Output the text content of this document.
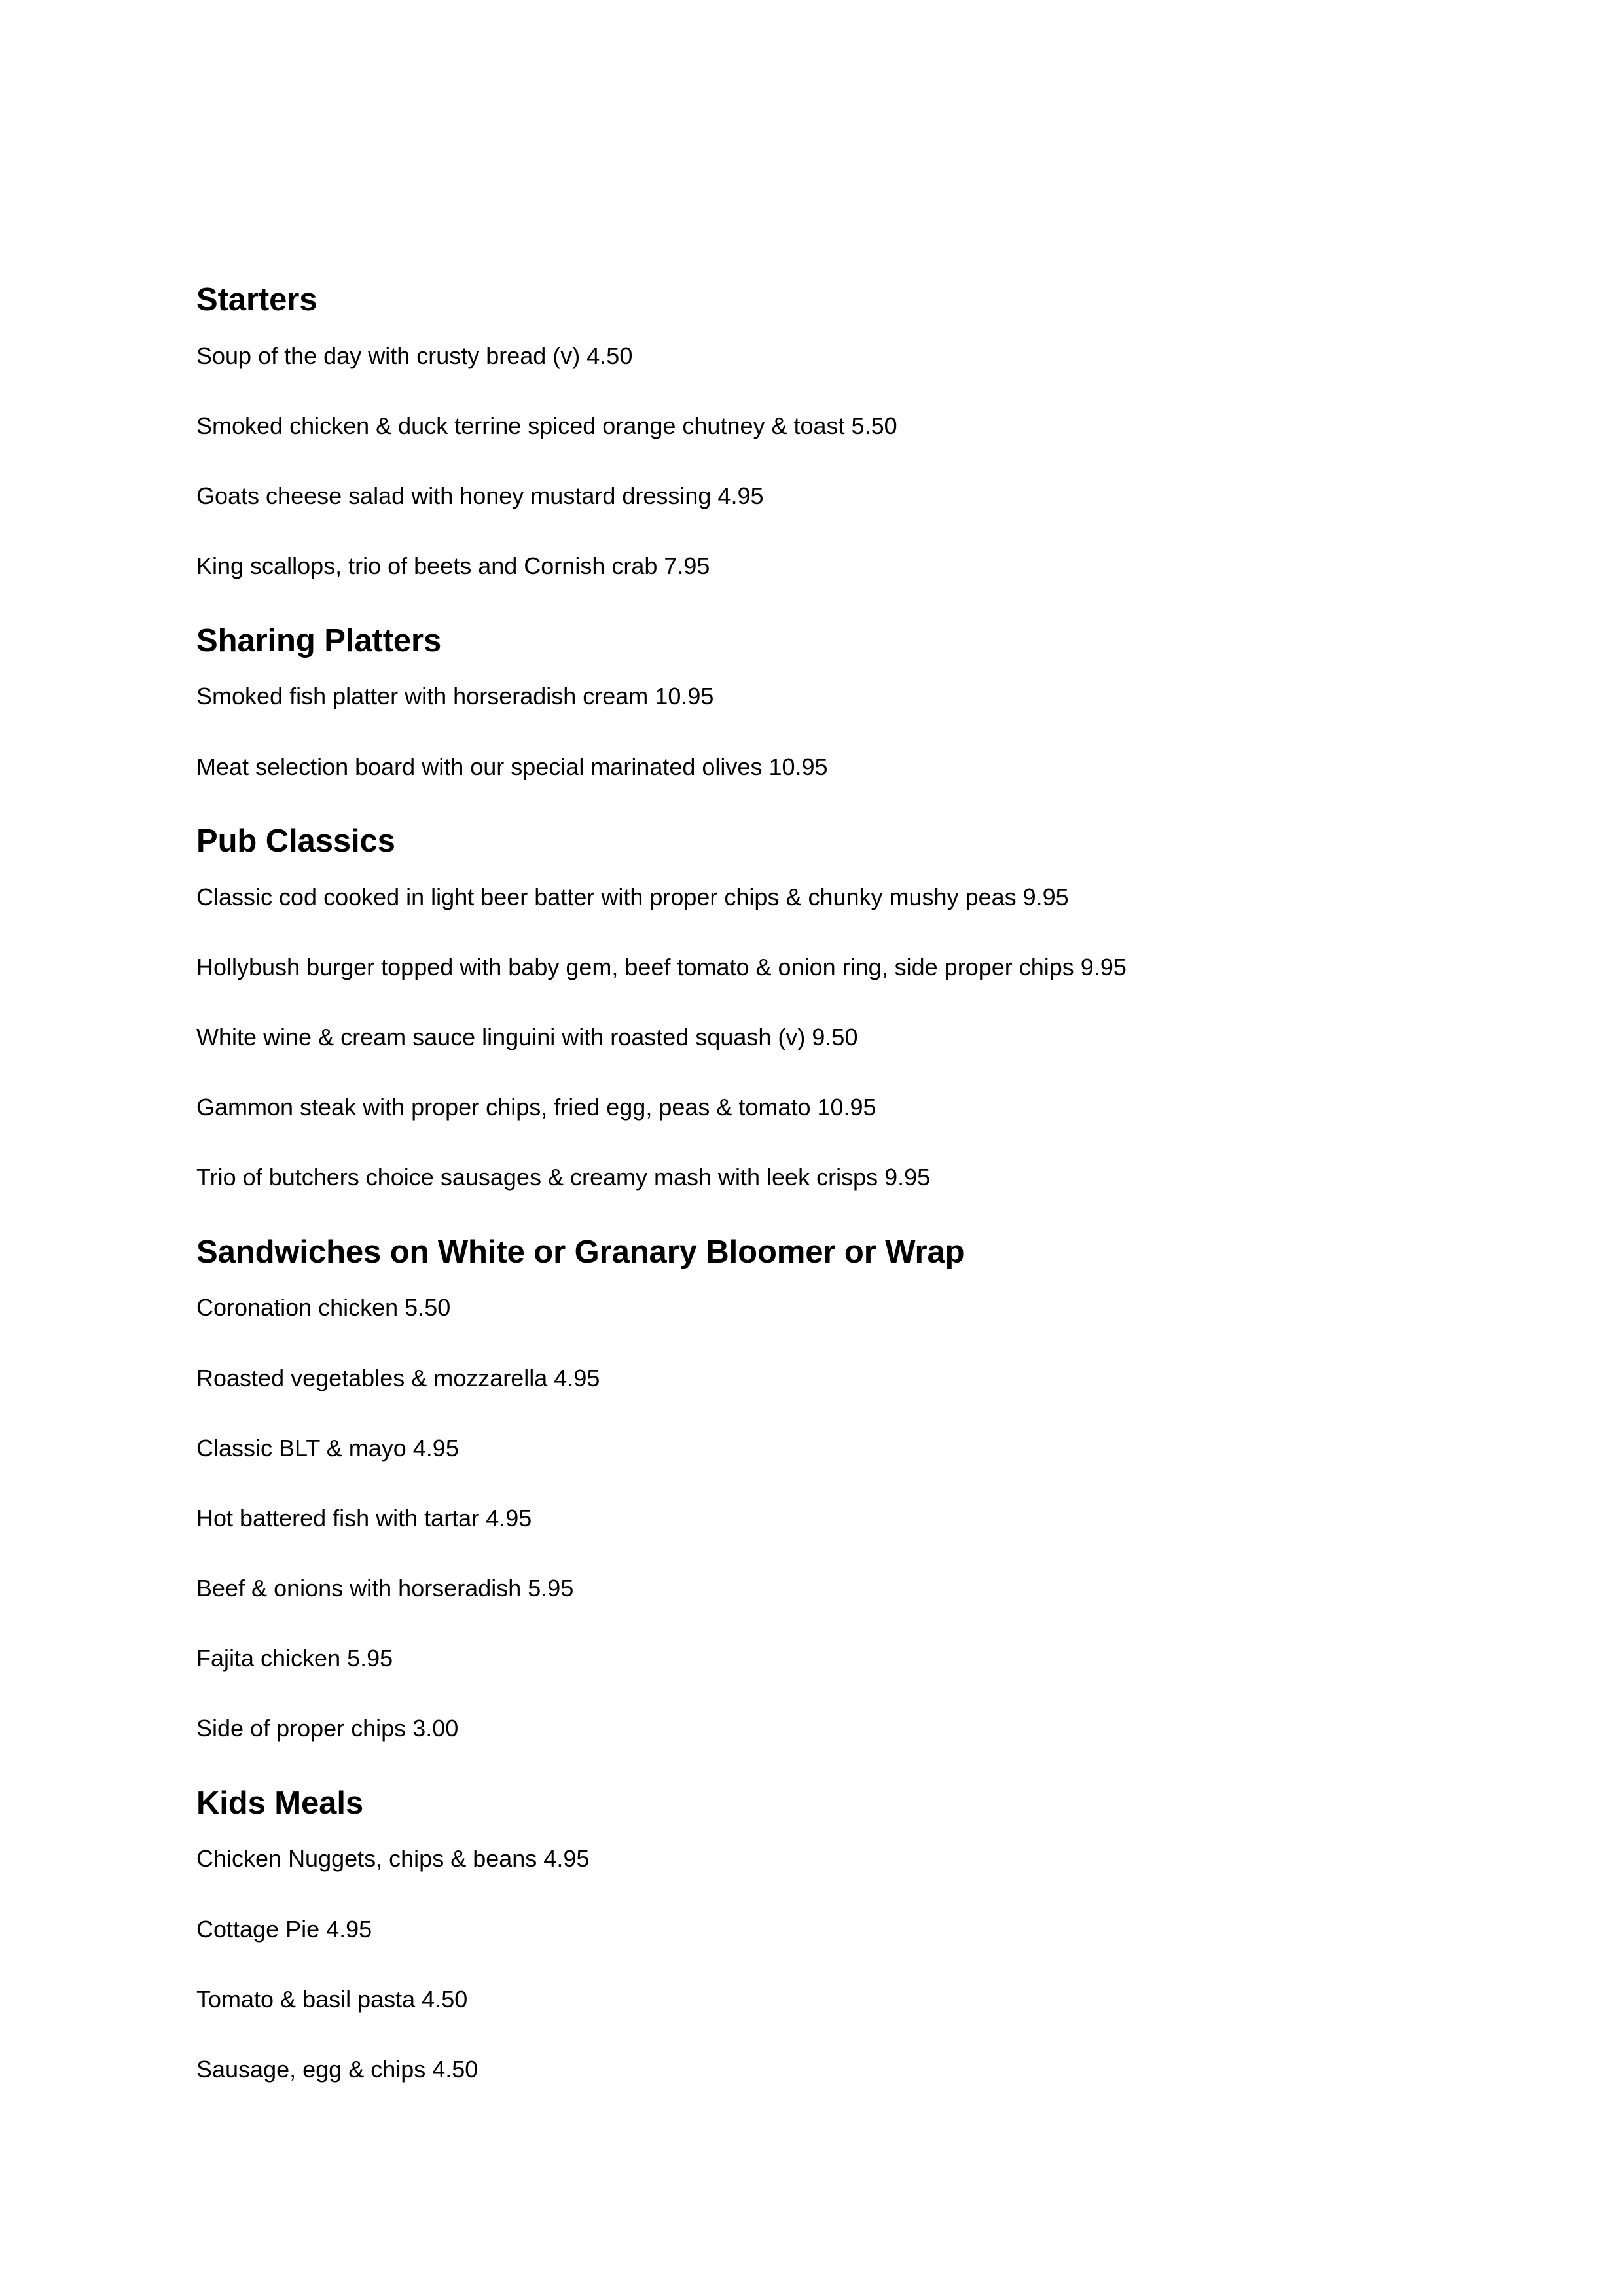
Starters
Soup of the day with crusty bread (v) 4.50
Smoked chicken & duck terrine spiced orange chutney & toast 5.50
Goats cheese salad with honey mustard dressing 4.95
King scallops, trio of beets and Cornish crab 7.95
Sharing Platters
Smoked fish platter with horseradish cream 10.95
Meat selection board with our special marinated olives 10.95
Pub Classics
Classic cod cooked in light beer batter with proper chips & chunky mushy peas 9.95
Hollybush burger topped with baby gem, beef tomato & onion ring, side proper chips 9.95
White wine & cream sauce linguini with roasted squash (v) 9.50
Gammon steak with proper chips, fried egg, peas & tomato 10.95
Trio of butchers choice sausages & creamy mash with leek crisps 9.95
Sandwiches on White or Granary Bloomer or Wrap
Coronation chicken 5.50
Roasted vegetables & mozzarella 4.95
Classic BLT & mayo 4.95
Hot battered fish with tartar 4.95
Beef & onions with horseradish 5.95
Fajita chicken 5.95
Side of proper chips 3.00
Kids Meals
Chicken Nuggets, chips & beans 4.95
Cottage Pie 4.95
Tomato & basil pasta 4.50
Sausage, egg & chips 4.50
